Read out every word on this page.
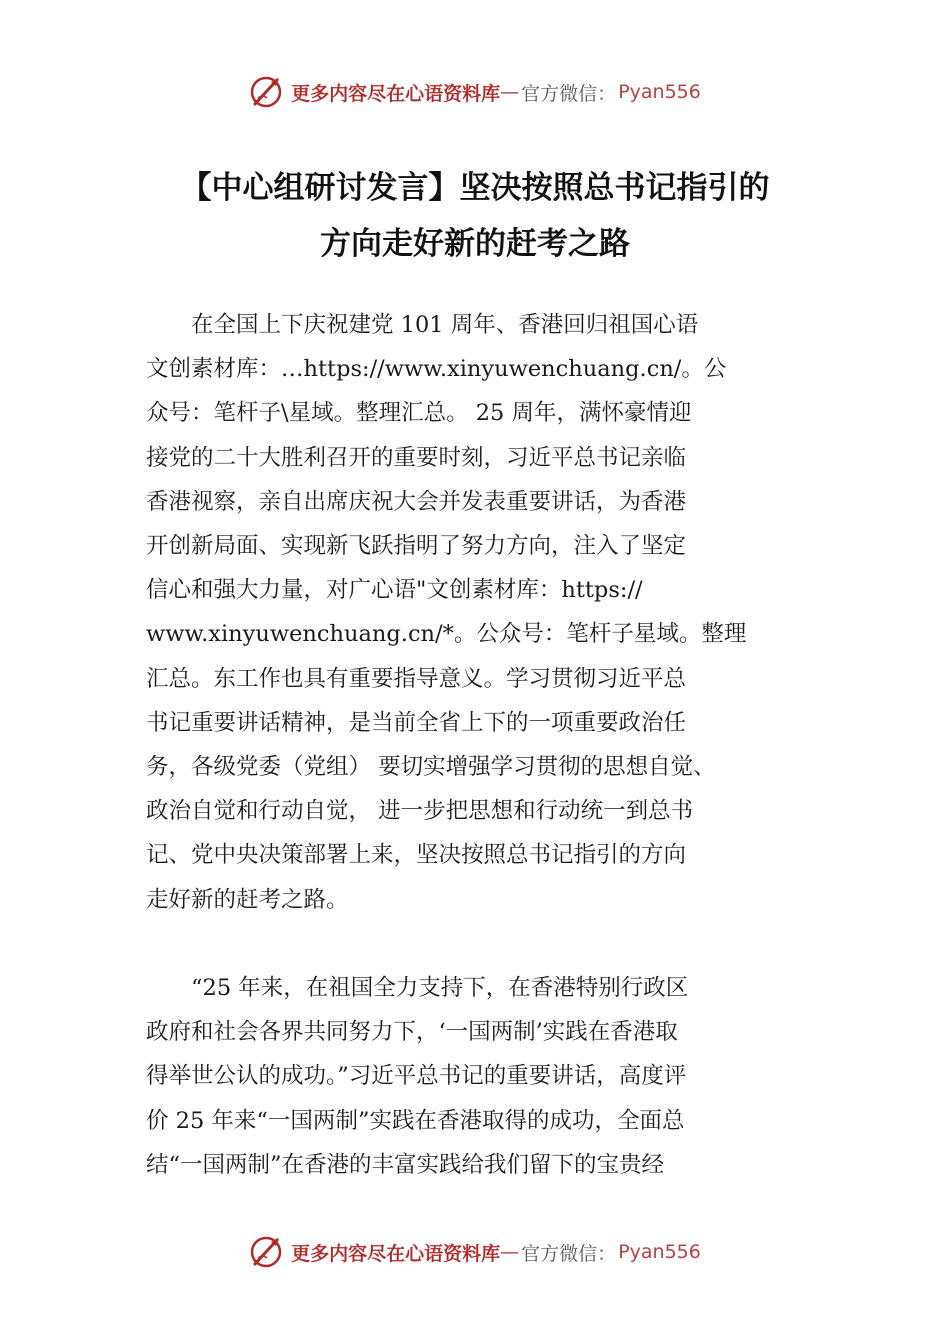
更多内容尽在心语资料库 — 官方微信： Pyan556
【中心组研讨发言】坚决按照总书记指引的
方向走好新的赶考之路
　　在全国上下庆祝建党 101 周年、香港回归祖国心语
文创素材库：…https://www.xinyuwenchuang.cn/。公
众号：笔杆子\星域。整理汇总。 25 周年，满怀豪情迎
接党的二十大胜利召开的重要时刻，习近平总书记亲临
香港视察，亲自出席庆祝大会并发表重要讲话，为香港
开创新局面、实现新飞跃指明了努力方向，注入了坚定
信心和强大力量，对广心语"文创素材库：https://
www.xinyuwenchuang.cn/*。公众号：笔杆子星域。整理
汇总。东工作也具有重要指导意义。学习贯彻习近平总
书记重要讲话精神，是当前全省上下的一项重要政治任
务，各级党委（党组） 要切实增强学习贯彻的思想自觉、
政治自觉和行动自觉， 进一步把思想和行动统一到总书
记、党中央决策部署上来，坚决按照总书记指引的方向
走好新的赶考之路。
　　“25 年来，在祖国全力支持下，在香港特别行政区
政府和社会各界共同努力下，‘一国两制’实践在香港取
得举世公认的成功。”习近平总书记的重要讲话，高度评
价 25 年来“一国两制”实践在香港取得的成功，全面总
结“一国两制”在香港的丰富实践给我们留下的宝贵经
更多内容尽在心语资料库 — 官方微信： Pyan556
